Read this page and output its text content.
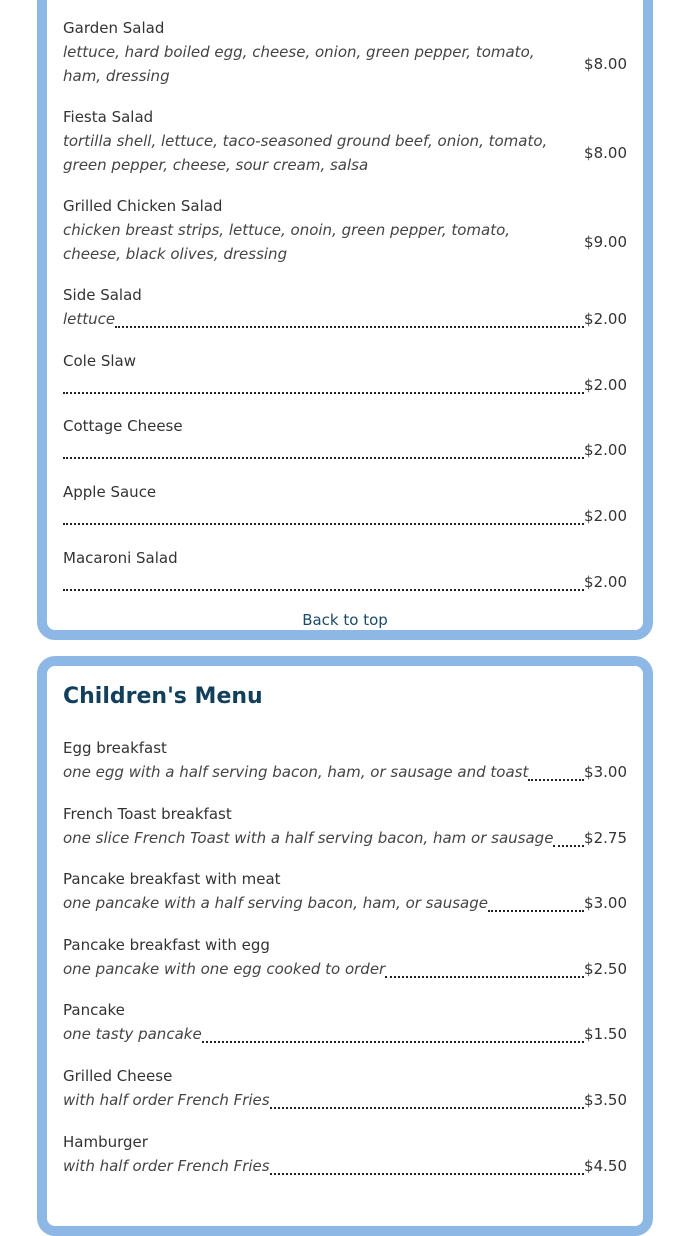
Garden Salad
lettuce, hard boiled egg, cheese, onion, green pepper, tomato, ham, dressing
$8.00
Fiesta Salad
tortilla shell, lettuce, taco-seasoned ground beef, onion, tomato, green pepper, cheese, sour cream, salsa
$8.00
Grilled Chicken Salad
chicken breast strips, lettuce, onoin, green pepper, tomato, cheese, black olives, dressing
$9.00
Side Salad
lettuce	$2.00
Cole Slaw
$2.00
Cottage Cheese
$2.00
Apple Sauce
$2.00
Macaroni Salad
$2.00
Back to top
Children's Menu
Egg breakfast
one egg with a half serving bacon, ham, or sausage and toast	$3.00
French Toast breakfast
one slice French Toast with a half serving bacon, ham or sausage $2.75
Pancake breakfast with meat
one pancake with a half serving bacon, ham, or sausage	$3.00
Pancake breakfast with egg
one pancake with one egg cooked to order	$2.50
Pancake
one tasty pancake	$1.50
Grilled Cheese
with half order French Fries	$3.50
Hamburger
with half order French Fries	$4.50
